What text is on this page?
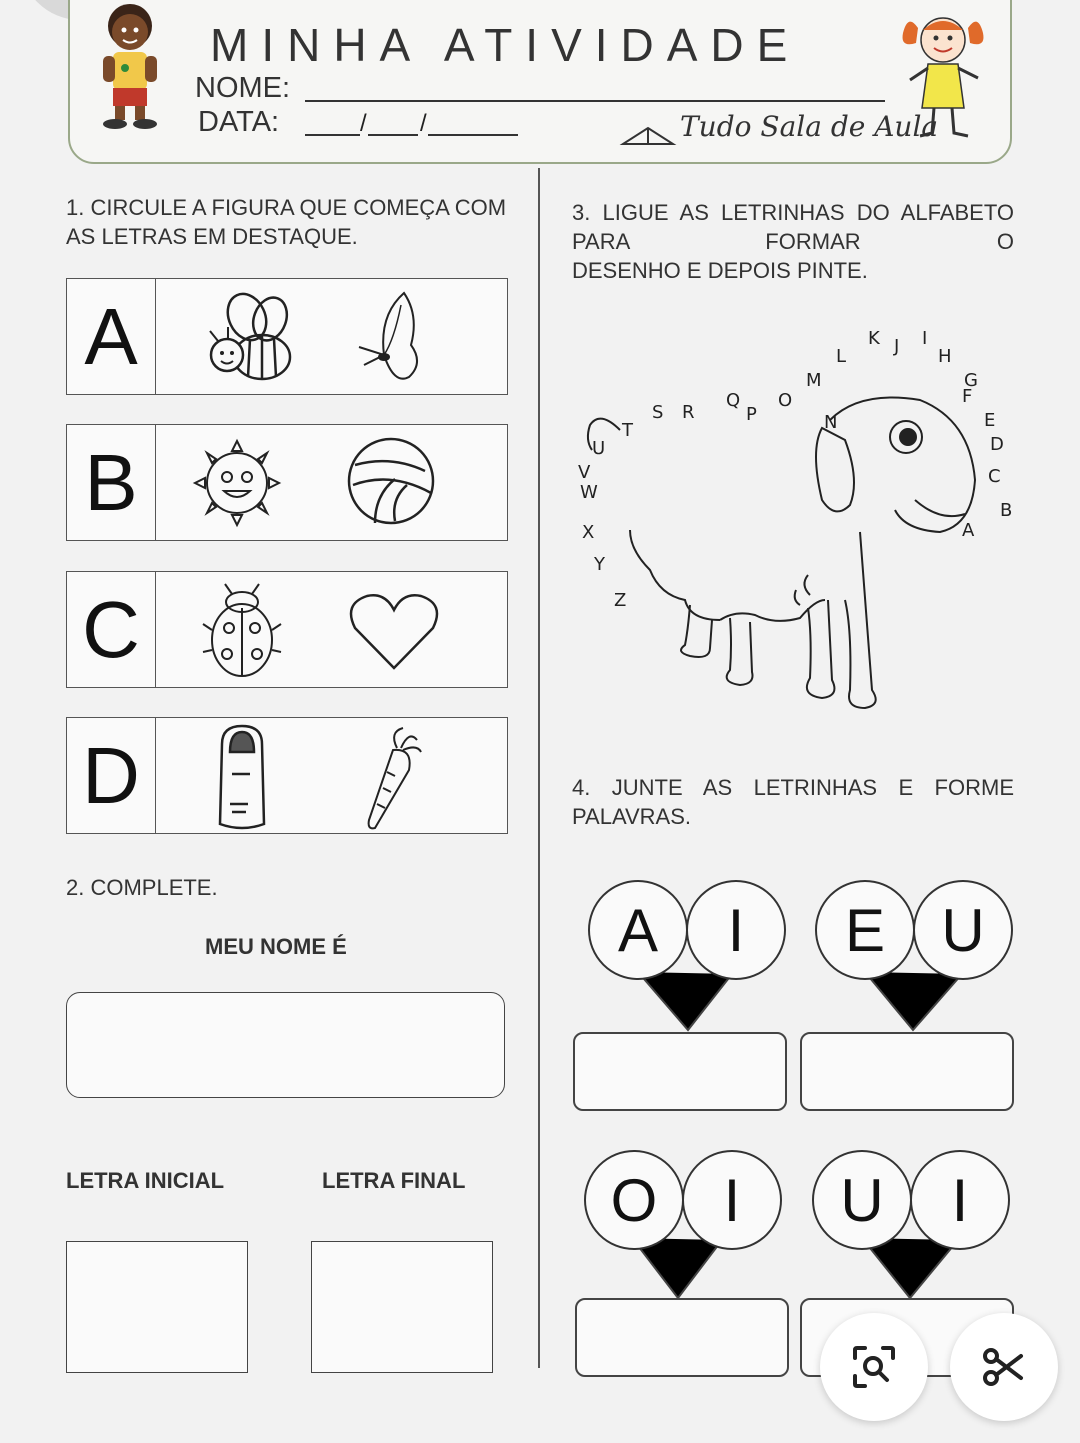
MINHA ATIVIDADE
NOME:
DATA:	/ /	Tudo Sala de Aula
1. CIRCULE A FIGURA QUE COMEÇA COM AS LETRAS EM DESTAQUE.
A
B
C
D
2. COMPLETE.
MEU NOME É
LETRA INICIAL	LETRA FINAL
3. LIGUE AS LETRINHAS DO ALFABETO PARA FORMAR O
DESENHO E DEPOIS PINTE.
A
B
C
D
E
F
G
H
I
J
K
L
M
N
O
P
Q
R
S
T
U
V
W
X
Y
Z
4. JUNTE AS LETRINHAS E FORME PALAVRAS.
A	I	E U
O	I	U	I
